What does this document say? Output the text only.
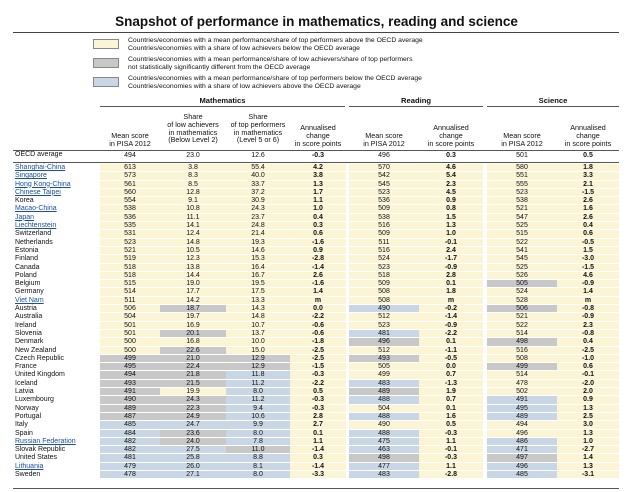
Snapshot of performance in mathematics, reading and science
Countries/economies with a mean performance/share of top performers above the OECD average
Countries/economies with a share of low achievers below the OECD average
Countries/economies with a mean performance/share of low achievers/share of top performers
not statistically significantly different from the OECD average
Countries/economies with a mean performance/share of top performers below the OECD average
Countries/economies with a share of low achievers above the OECD average
Mathematics	Reading	Science
Mean score
in PISA 2012
Share
of low achievers
in mathematics
(Below Level 2)
Share
of top performers
in mathematics
(Level 5 or 6)
Annualised
change
in score points
Mean score
in PISA 2012
Annualised
change
in score points
Mean score
in PISA 2012
Annualised
change
in score points
OECD average	494	23.0	12.6	-0.3	496	0.3	501	0.5
Shanghai-China	613	3.8	55.4	4.2	570	4.6	580	1.8
Singapore	573	8.3	40.0	3.8	542	5.4	551	3.3
Hong Kong-China	561	8.5	33.7	1.3	545	2.3	555	2.1
Chinese Taipei	560	12.8	37.2	1.7	523	4.5	523	-1.5
Korea	554	9.1	30.9	1.1	536	0.9	538	2.6
Macao-China	538	10.8	24.3	1.0	509	0.8	521	1.6
Japan	536	11.1	23.7	0.4	538	1.5	547	2.6
Liechtenstein	535	14.1	24.8	0.3	516	1.3	525	0.4
Switzerland	531	12.4	21.4	0.6	509	1.0	515	0.6
Netherlands	523	14.8	19.3	-1.6	511	-0.1	522	-0.5
Estonia	521	10.5	14.6	0.9	516	2.4	541	1.5
Finland	519	12.3	15.3	-2.8	524	-1.7	545	-3.0
Canada	518	13.8	16.4	-1.4	523	-0.9	525	-1.5
Poland	518	14.4	16.7	2.6	518	2.8	526	4.6
Belgium	515	19.0	19.5	-1.6	509	0.1	505	-0.9
Germany	514	17.7	17.5	1.4	508	1.8	524	1.4
Viet Nam	511	14.2	13.3	m	508	m	528	m
Austria	506	18.7	14.3	0.0	490	-0.2	506	-0.8
Australia	504	19.7	14.8	-2.2	512	-1.4	521	-0.9
Ireland	501	16.9	10.7	-0.6	523	-0.9	522	2.3
Slovenia	501	20.1	13.7	-0.6	481	-2.2	514	-0.8
Denmark	500	16.8	10.0	-1.8	496	0.1	498	0.4
New Zealand	500	22.6	15.0	-2.5	512	-1.1	516	-2.5
Czech Republic	499	21.0	12.9	-2.5	493	-0.5	508	-1.0
France	495	22.4	12.9	-1.5	505	0.0	499	0.6
United Kingdom	494	21.8	11.8	-0.3	499	0.7	514	-0.1
Iceland	493	21.5	11.2	-2.2	483	-1.3	478	-2.0
Latvia	491	19.9	8.0	0.5	489	1.9	502	2.0
Luxembourg	490	24.3	11.2	-0.3	488	0.7	491	0.9
Norway	489	22.3	9.4	-0.3	504	0.1	495	1.3
Portugal	487	24.9	10.6	2.8	488	1.6	489	2.5
Italy	485	24.7	9.9	2.7	490	0.5	494	3.0
Spain	484	23.6	8.0	0.1	488	-0.3	496	1.3
Russian Federation	482	24.0	7.8	1.1	475	1.1	486	1.0
Slovak Republic	482	27.5	11.0	-1.4	463	-0.1	471	-2.7
United States	481	25.8	8.8	0.3	498	-0.3	497	1.4
Lithuania	479	26.0	8.1	-1.4	477	1.1	496	1.3
Sweden	478	27.1	8.0	-3.3	483	-2.8	485	-3.1
